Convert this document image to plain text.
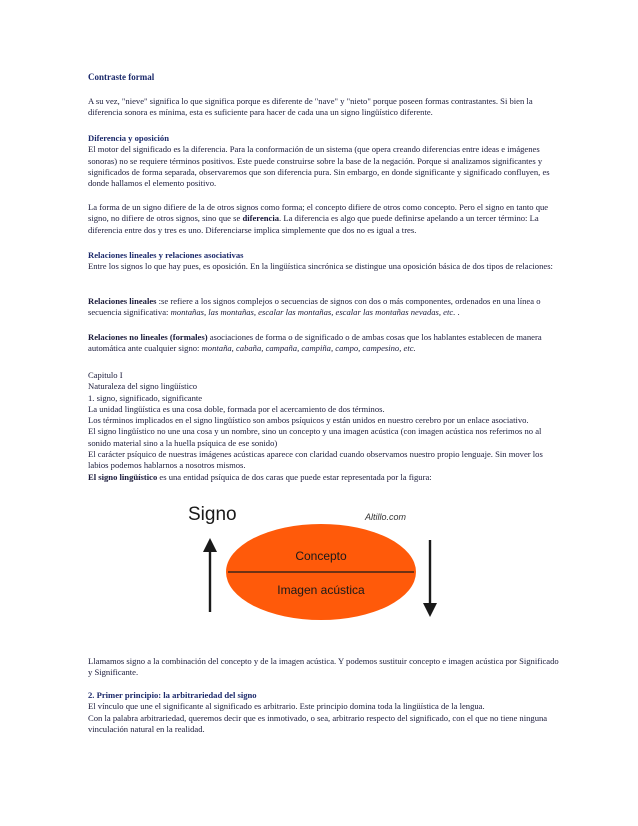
Contraste formal
A su vez, "nieve" significa lo que significa porque es diferente de "nave" y "nieto" porque poseen formas contrastantes. Si bien la diferencia sonora es mínima, esta es suficiente para hacer de cada una un signo lingüístico diferente.
Diferencia y oposición
El motor del significado es la diferencia. Para la conformación de un sistema (que opera creando diferencias entre ideas e imágenes sonoras) no se requiere términos positivos. Este puede construirse sobre la base de la negación. Porque si analizamos significantes y significados de forma separada, observaremos que son diferencia pura. Sin embargo, en donde significante y significado confluyen, es donde hallamos el elemento positivo.
La forma de un signo difiere de la de otros signos como forma; el concepto difiere de otros como concepto. Pero el signo en tanto que signo, no difiere de otros signos, sino que se diferencia. La diferencia es algo que puede definirse apelando a un tercer término: La diferencia entre dos y tres es uno. Diferenciarse implica simplemente que dos no es igual a tres.
Relaciones lineales y relaciones asociativas
Entre los signos lo que hay pues, es oposición. En la lingüística sincrónica se distingue una oposición básica de dos tipos de relaciones:
Relaciones lineales :se refiere a los signos complejos o secuencias de signos con dos o más componentes, ordenados en una línea o secuencia significativa: montañas, las montañas, escalar las montañas, escalar las montañas nevadas, etc. .
Relaciones no lineales (formales) asociaciones de forma o de significado o de ambas cosas que los hablantes establecen de manera automática ante cualquier signo: montaña, cabaña, campaña, campiña, campo, campesino, etc.
Capitulo I
Naturaleza del signo lingüístico
1. signo, significado, significante
La unidad lingüística es una cosa doble, formada por el acercamiento de dos términos.
Los términos implicados en el signo lingüístico son ambos psíquicos y están unidos en nuestro cerebro por un enlace asociativo.
El signo lingüístico no une una cosa y un nombre, sino un concepto y una imagen acústica (con imagen acústica nos referimos no al sonido material sino a la huella psíquica de ese sonido)
El carácter psíquico de nuestras imágenes acústicas aparece con claridad cuando observamos nuestro propio lenguaje. Sin mover los labios podemos hablarnos a nosotros mismos.
El signo lingüístico es una entidad psíquica de dos caras que puede estar representada por la figura:
Signo	Altillo.com
Concepto
Imagen acústica
Llamamos signo a la combinación del concepto y de la imagen acústica. Y podemos sustituir concepto e imagen acústica por Significado y Significante.
2. Primer principio: la arbitrariedad del signo
El vínculo que une el significante al significado es arbitrario. Este principio domina toda la lingüística de la lengua.
Con la palabra arbitrariedad, queremos decir que es inmotivado, o sea, arbitrario respecto del significado, con el que no tiene ninguna vinculación natural en la realidad.
